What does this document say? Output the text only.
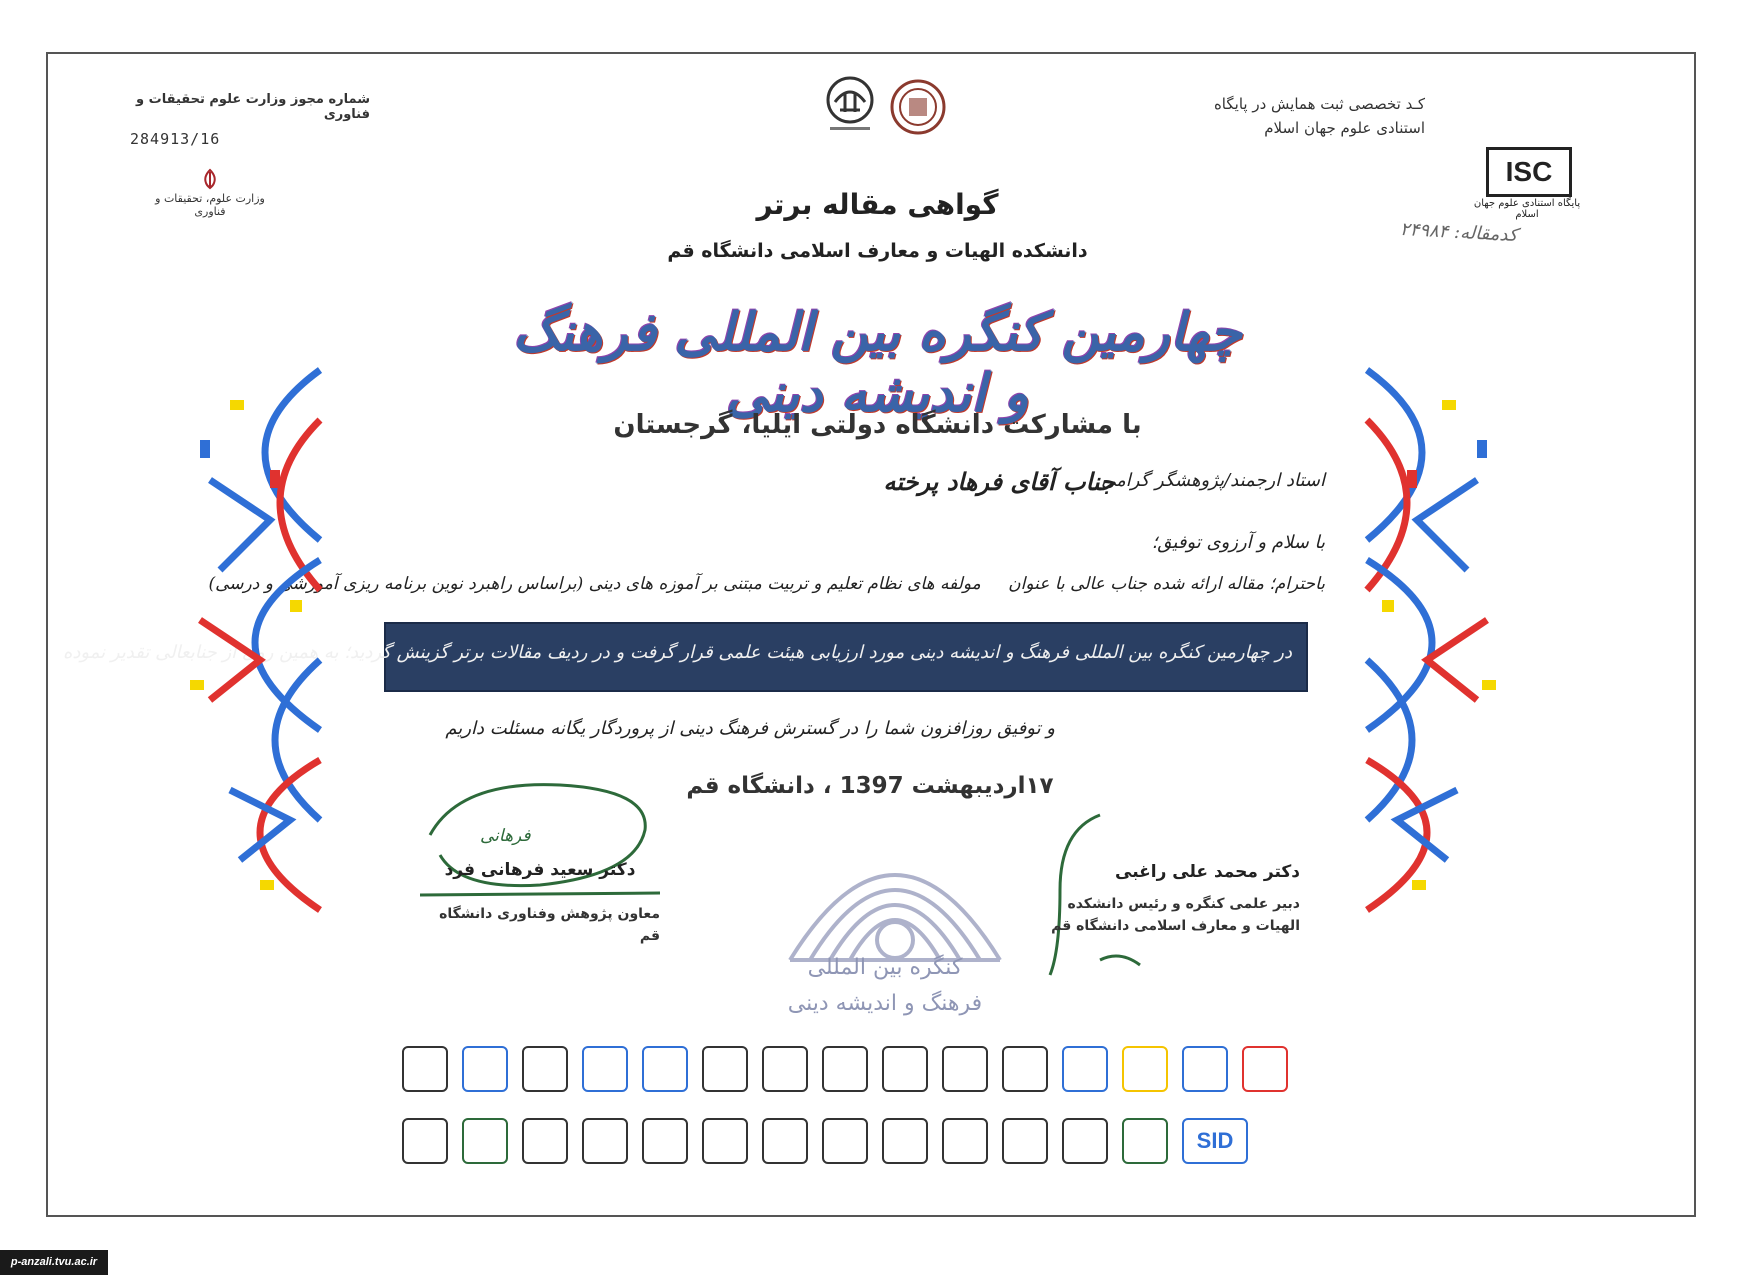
کـد تخصصی ثبت همایش در پایگاه
استنادی علوم جهان اسلام
ISC
پایگاه استنادی علوم جهان اسلام
کدمقاله: ۲۴۹۸۴
شماره مجوز وزارت علوم تحقیقات و فناوری
284913/16
وزارت علوم، تحقیقات و فناوری	گواهی مقاله برتر
دانشکده الهیات و معارف اسلامی دانشگاه قم
چهارمین کنگره بین المللی فرهنگ و اندیشه دینی
با مشارکت دانشگاه دولتی ایلیا، گرجستان
استاد ارجمند/پژوهشگر گرامی
جناب آقای فرهاد پرخته
با سلام و آرزوی توفیق؛
باحترام؛ مقاله ارائه شده جناب عالی با عنوان مولفه های نظام تعلیم و تربیت مبتنی بر آموزه های دینی (براساس راهبرد نوین برنامه ریزی آموزشی و درسی)
در چهارمین کنگره بین المللی فرهنگ و اندیشه دینی مورد ارزیابی هیئت علمی قرار گرفت و در ردیف مقالات برتر گزینش گردید؛ به همین روی از جنابعالی تقدیر نموده
و توفیق روزافزون شما را در گسترش فرهنگ دینی از پروردگار یگانه مسئلت داریم
۱۷اردیبهشت 1397 ، دانشگاه قم
کنگره بین المللی
فرهنگ و اندیشه دینی
فرهانی
دکتر سعید فرهانی فرد
معاون پژوهش وفناوری دانشگاه قم
دکتر محمد علی راغبی
دبیر علمی کنگره و رئیس دانشکده
الهیات و معارف اسلامی دانشگاه قم
SID
p-anzali.tvu.ac.ir
